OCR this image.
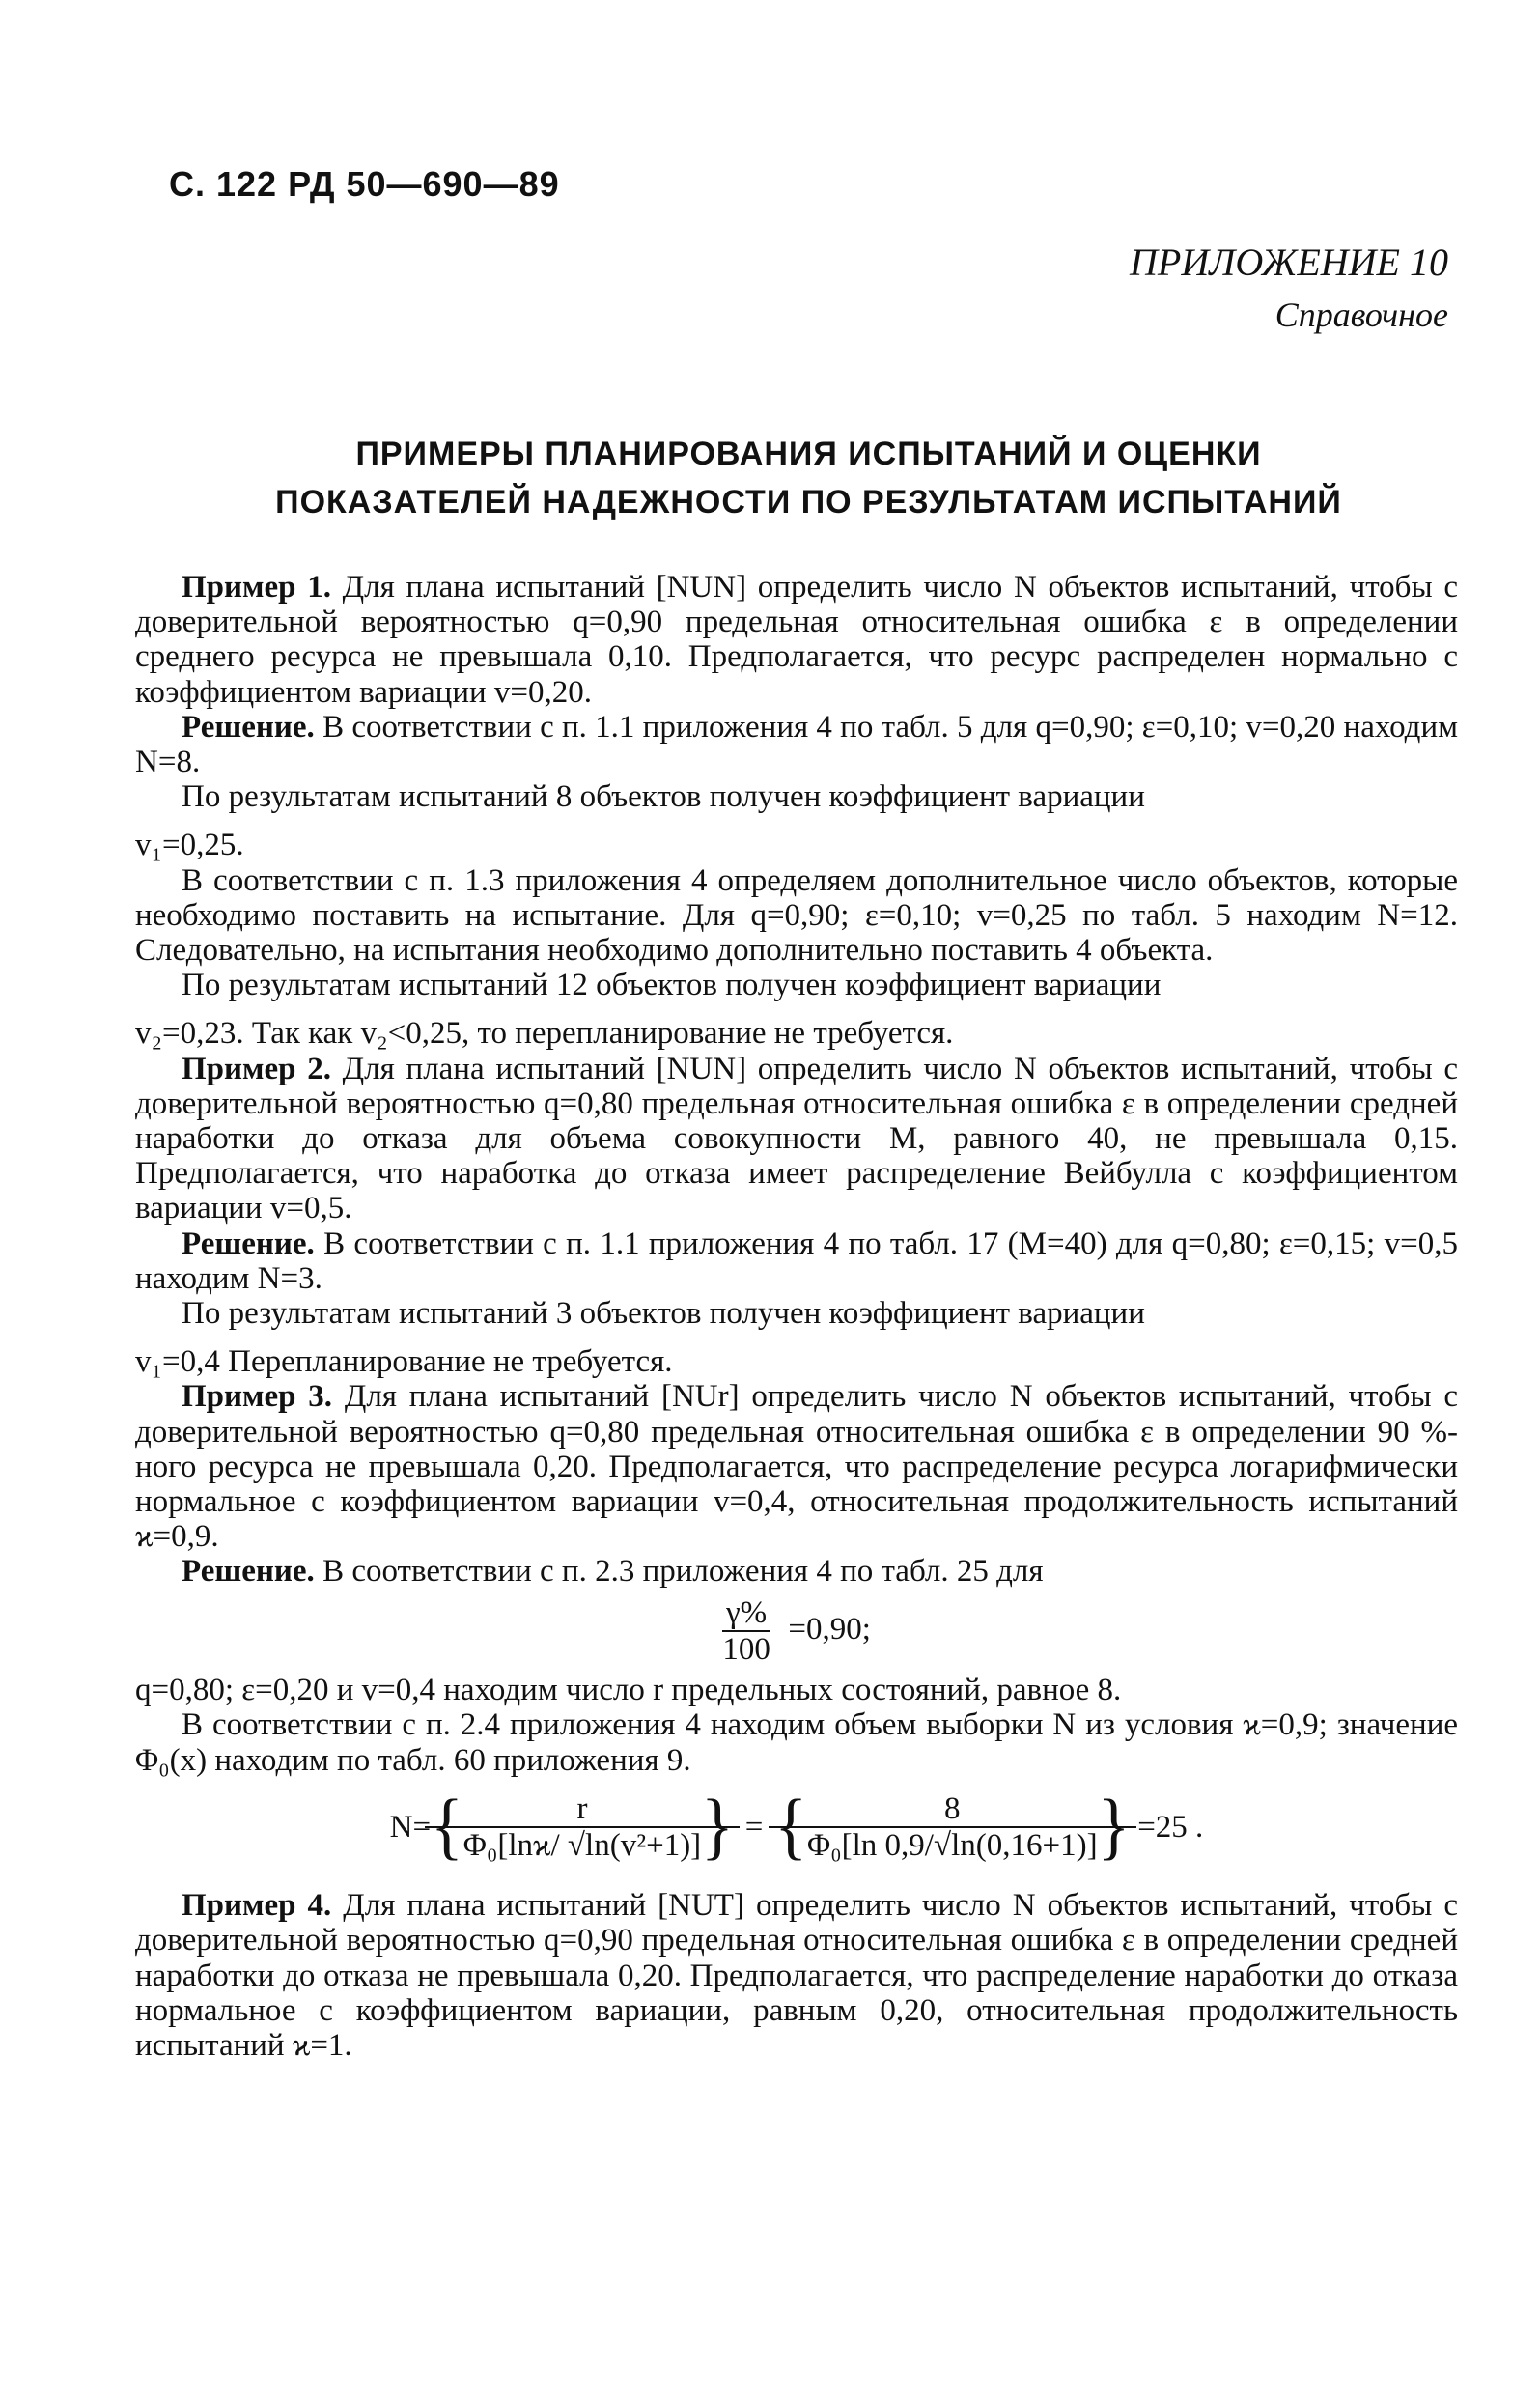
С. 122 РД 50—690—89
ПРИЛОЖЕНИЕ 10
Справочное
ПРИМЕРЫ ПЛАНИРОВАНИЯ ИСПЫТАНИЙ И ОЦЕНКИ
ПОКАЗАТЕЛЕЙ НАДЕЖНОСТИ ПО РЕЗУЛЬТАТАМ ИСПЫТАНИЙ

Пример 1. Для плана испытаний [NUN] определить число N объектов испытаний, чтобы с доверительной вероятностью q=0,90 предельная относительная ошибка ε в определении среднего ресурса не превышала 0,10. Предполагается, что ресурс распределен нормально с коэффициентом вариации v=0,20.

Решение. В соответствии с п. 1.1 приложения 4 по табл. 5 для q=0,90; ε=0,10; v=0,20 находим N=8.

По результатам испытаний 8 объектов получен коэффициент вариации

v₁=0,25.

В соответствии с п. 1.3 приложения 4 определяем дополнительное число объектов, которые необходимо поставить на испытание. Для q=0,90; ε=0,10; v=0,25 по табл. 5 находим N=12. Следовательно, на испытания необходимо дополнительно поставить 4 объекта.

По результатам испытаний 12 объектов получен коэффициент вариации

v₂=0,23. Так как v₂<0,25, то перепланирование не требуется.

Пример 2. Для плана испытаний [NUN] определить число N объектов испытаний, чтобы с доверительной вероятностью q=0,80 предельная относительная ошибка ε в определении средней наработки до отказа для объема совокупности M, равного 40, не превышала 0,15. Предполагается, что наработка до отказа имеет распределение Вейбулла с коэффициентом вариации v=0,5.

Решение. В соответствии с п. 1.1 приложения 4 по табл. 17 (M=40) для q=0,80; ε=0,15; v=0,5 находим N=3.

По результатам испытаний 3 объектов получен коэффициент вариации

v₁=0,4 Перепланирование не требуется.

Пример 3. Для плана испытаний [NUr] определить число N объектов испытаний, чтобы с доверительной вероятностью q=0,80 предельная относительная ошибка ε в определении 90 %-ного ресурса не превышала 0,20. Предполагается, что распределение ресурса логарифмически нормальное с коэффициентом вариации v=0,4, относительная продолжительность испытаний ϰ=0,9.

Решение. В соответствии с п. 2.3 приложения 4 по табл. 25 для

$\frac{\gamma\%}{100} =0,90$;

q=0,80; ε=0,20 и v=0,4 находим число r предельных состояний, равное 8.

В соответствии с п. 2.4 приложения 4 находим объем выборки N из условия ϰ=0,9; значение Φ₀(x) находим по табл. 60 приложения 9.

N= { $\frac{r}{\text{Φ₀[lnϰ/ √ln(v²+1)]}}$ } = { $\frac{8}{\text{Φ₀[ln 0,9/√ln(0,16+1)]}}$ } =25 .

Пример 4. Для плана испытаний [NUT] определить число N объектов испытаний, чтобы с доверительной вероятностью q=0,90 предельная относительная ошибка ε в определении средней наработки до отказа не превышала 0,20. Предполагается, что распределение наработки до отказа нормальное с коэффициентом вариации, равным 0,20, относительная продолжительность испытаний ϰ=1.
